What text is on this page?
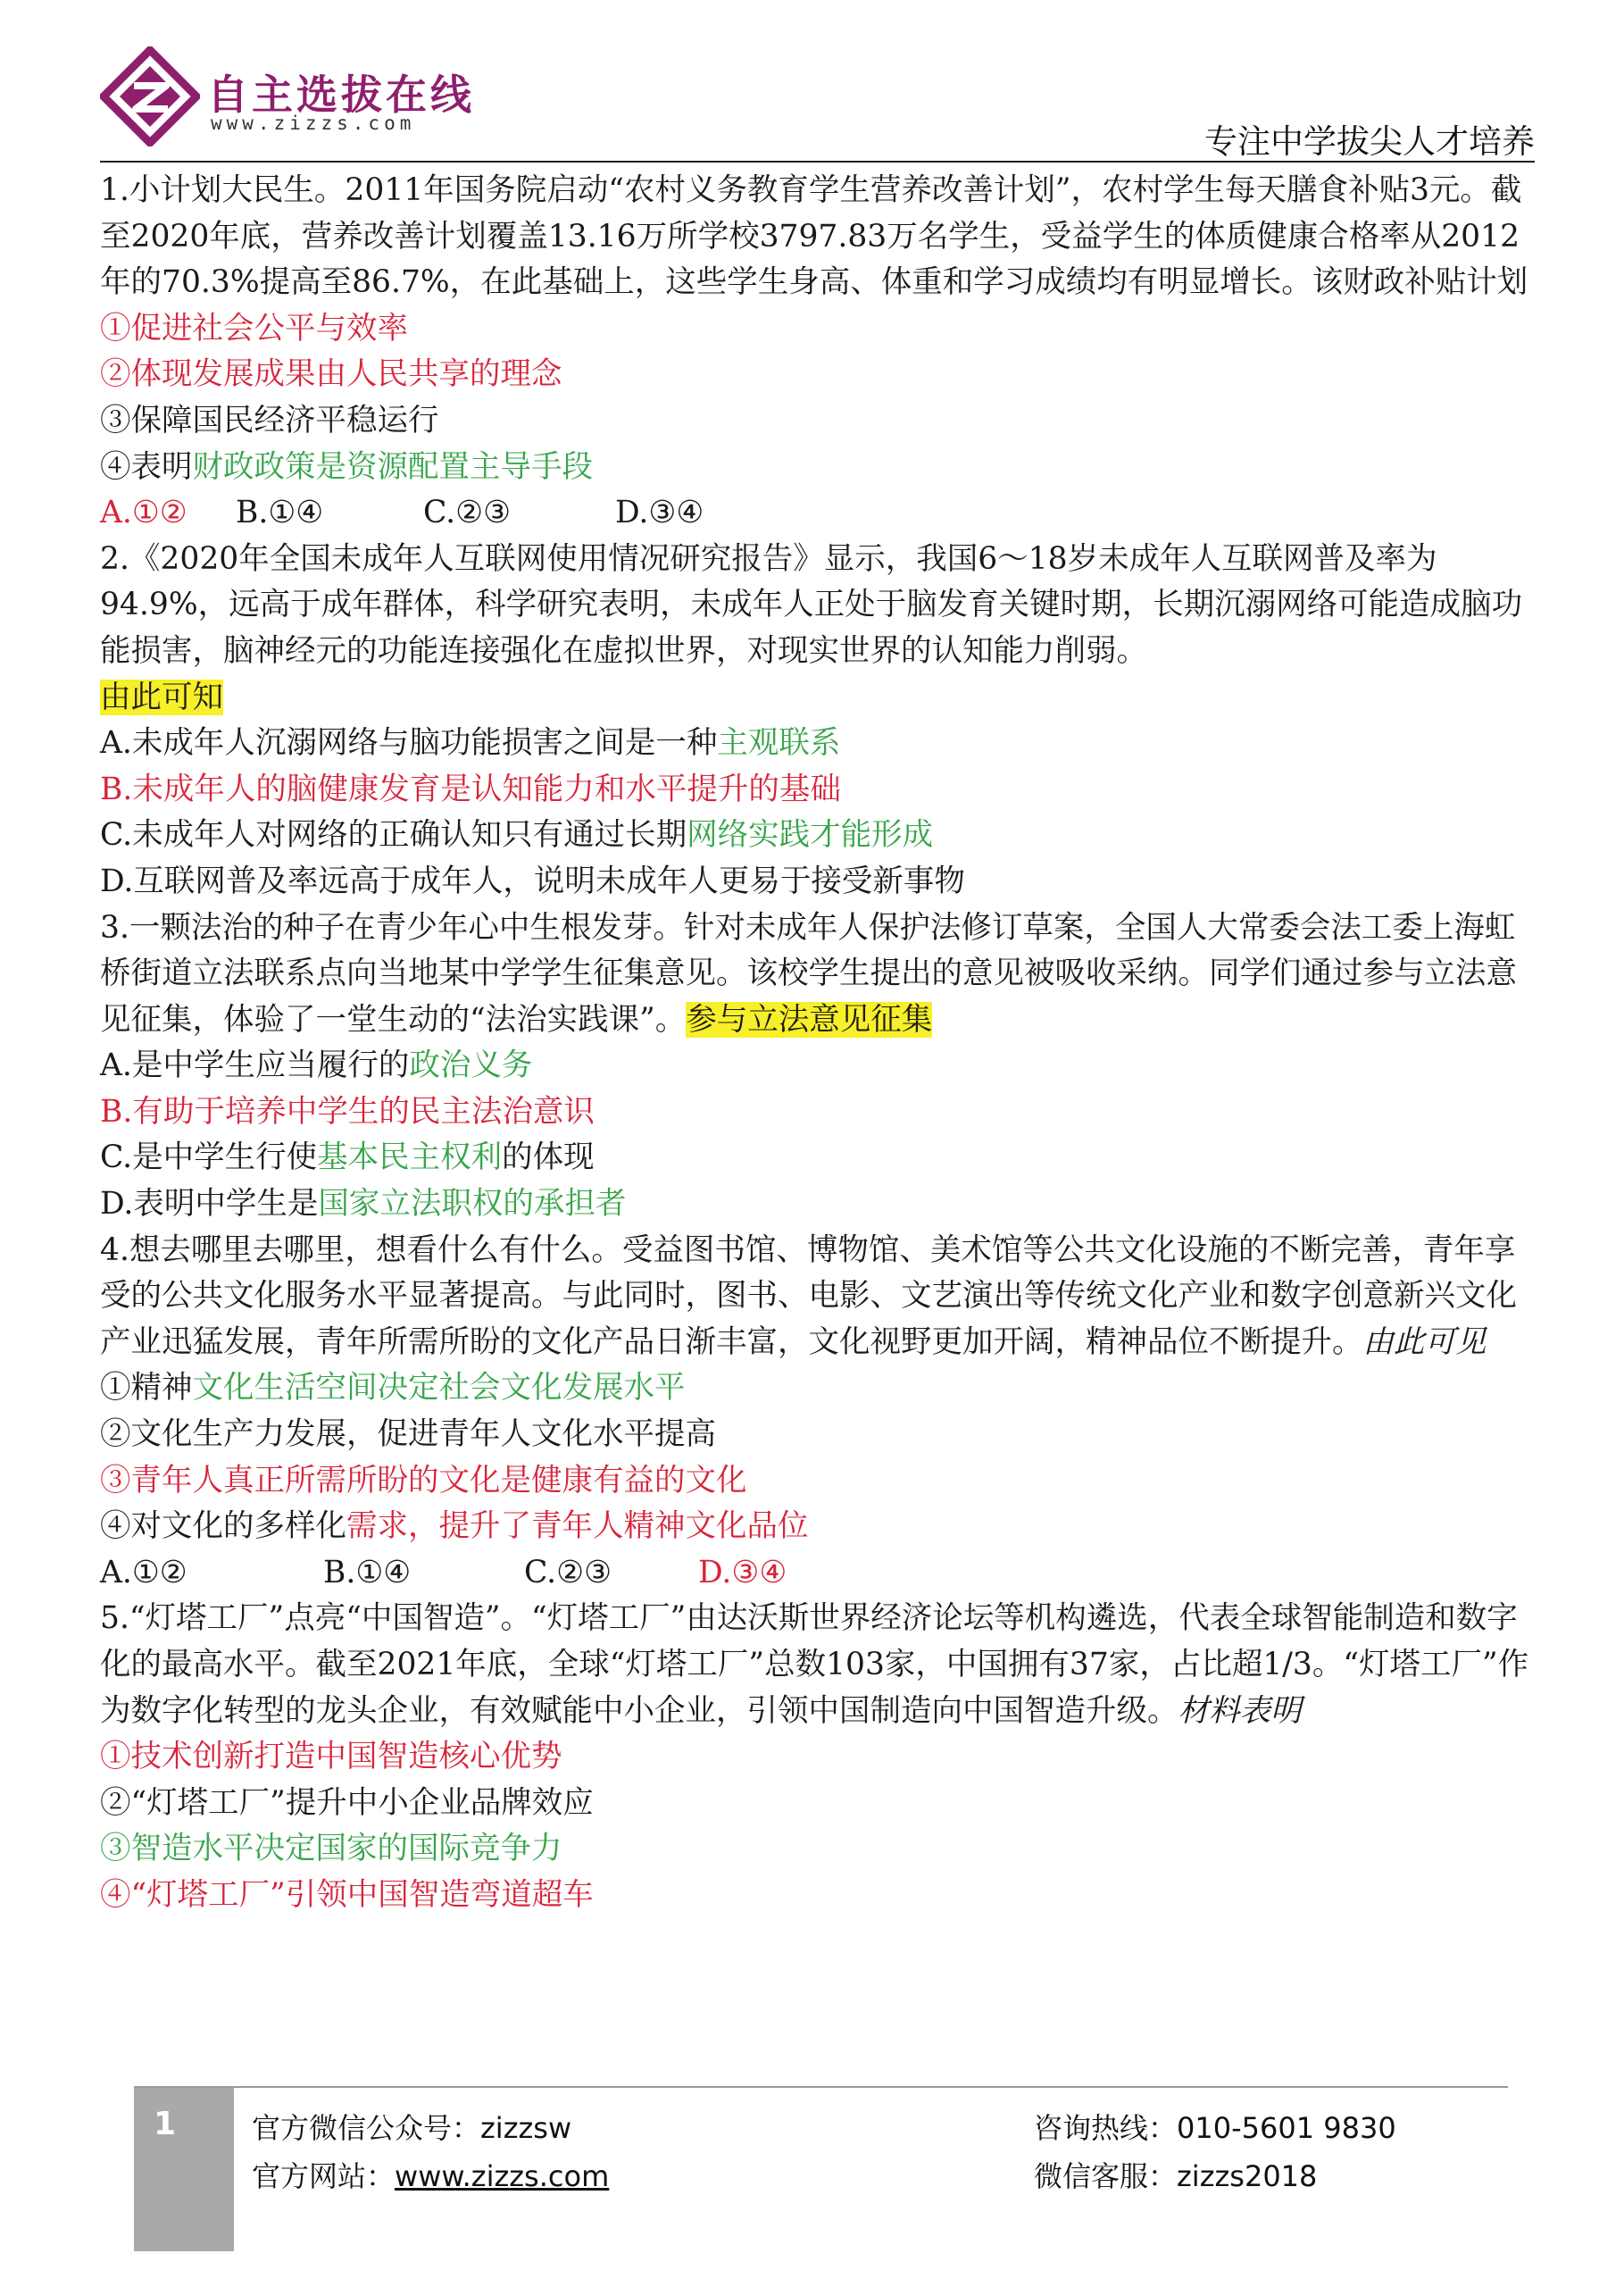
自主选拔在线
www.zizzs.com	专注中学拔尖人才培养

1.小计划大民生。2011年国务院启动“农村义务教育学生营养改善计划”，农村学生每天膳食补贴3元。截至2020年底，营养改善计划覆盖13.16万所学校3797.83万名学生，受益学生的体质健康合格率从2012年的70.3%提高至86.7%，在此基础上，这些学生身高、体重和学习成绩均有明显增长。该财政补贴计划

①促进社会公平与效率

②体现发展成果由人民共享的理念

③保障国民经济平稳运行

④表明财政政策是资源配置主导手段

A.①② B.①④	C.②③	D.③④

2.《2020年全国未成年人互联网使用情况研究报告》显示，我国6～18岁未成年人互联网普及率为94.9%，远高于成年群体，科学研究表明，未成年人正处于脑发育关键时期，长期沉溺网络可能造成脑功能损害，脑神经元的功能连接强化在虚拟世界，对现实世界的认知能力削弱。
由此可知

A.未成年人沉溺网络与脑功能损害之间是一种主观联系

B.未成年人的脑健康发育是认知能力和水平提升的基础

C.未成年人对网络的正确认知只有通过长期网络实践才能形成

D.互联网普及率远高于成年人，说明未成年人更易于接受新事物

3.一颗法治的种子在青少年心中生根发芽。针对未成年人保护法修订草案，全国人大常委会法工委上海虹桥街道立法联系点向当地某中学学生征集意见。该校学生提出的意见被吸收采纳。同学们通过参与立法意见征集，体验了一堂生动的“法治实践课”。参与立法意见征集

A.是中学生应当履行的政治义务

B.有助于培养中学生的民主法治意识

C.是中学生行使基本民主权利的体现

D.表明中学生是国家立法职权的承担者

4.想去哪里去哪里，想看什么有什么。受益图书馆、博物馆、美术馆等公共文化设施的不断完善，青年享受的公共文化服务水平显著提高。与此同时，图书、电影、文艺演出等传统文化产业和数字创意新兴文化产业迅猛发展，青年所需所盼的文化产品日渐丰富，文化视野更加开阔，精神品位不断提升。由此可见

①精神文化生活空间决定社会文化发展水平

②文化生产力发展，促进青年人文化水平提高

③青年人真正所需所盼的文化是健康有益的文化

④对文化的多样化需求，提升了青年人精神文化品位

A.①②	B.①④	C.②③	D.③④

5.“灯塔工厂”点亮“中国智造”。“灯塔工厂”由达沃斯世界经济论坛等机构遴选，代表全球智能制造和数字化的最高水平。截至2021年底，全球“灯塔工厂”总数103家，中国拥有37家，占比超1/3。“灯塔工厂”作为数字化转型的龙头企业，有效赋能中小企业，引领中国制造向中国智造升级。材料表明

①技术创新打造中国智造核心优势

②“灯塔工厂”提升中小企业品牌效应

③智造水平决定国家的国际竞争力

④“灯塔工厂”引领中国智造弯道超车

1	官方微信公众号：zizzsw
官方网站：www.zizzs.com
咨询热线：010-5601 9830
微信客服：zizzs2018
